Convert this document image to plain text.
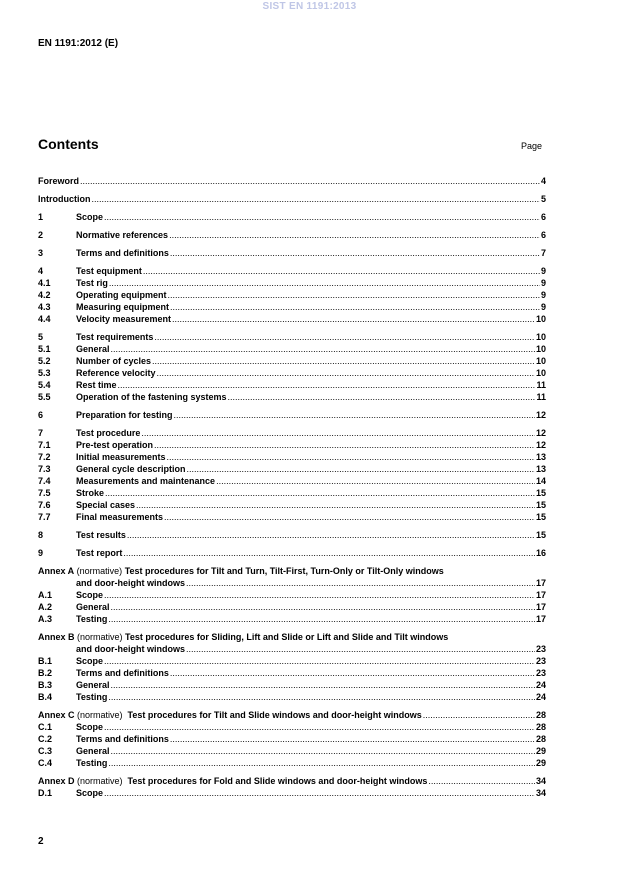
SIST EN 1191:2013
EN 1191:2012 (E)
Contents	Page
Foreword .....	4
Introduction .....	5
1	Scope .....	6
2	Normative references .....	6
3	Terms and definitions .....	7
4	Test equipment .....	9
4.1	Test rig .....	9
4.2	Operating equipment .....	9
4.3	Measuring equipment .....	9
4.4	Velocity measurement .....	10
5	Test requirements .....	10
5.1	General .....	10
5.2	Number of cycles .....	10
5.3	Reference velocity .....	10
5.4	Rest time .....	11
5.5	Operation of the fastening systems .....	11
6	Preparation for testing .....	12
7	Test procedure .....	12
7.1	Pre-test operation .....	12
7.2	Initial measurements .....	13
7.3	General cycle description .....	13
7.4	Measurements and maintenance .....	14
7.5	Stroke .....	15
7.6	Special cases .....	15
7.7	Final measurements .....	15
8	Test results .....	15
9	Test report .....	16
Annex A (normative) Test procedures for Tilt and Turn, Tilt-First, Turn-Only or Tilt-Only windows
and door-height windows .....	17
A.1	Scope .....	17
A.2	General .....	17
A.3	Testing .....	17
Annex B (normative) Test procedures for Sliding, Lift and Slide or Lift and Slide and Tilt windows
and door-height windows .....	23
B.1	Scope .....	23
B.2	Terms and definitions .....	23
B.3	General .....	24
B.4	Testing .....	24
Annex C (normative) Test procedures for Tilt and Slide windows and door-height windows .....	28
C.1	Scope .....	28
C.2	Terms and definitions .....	28
C.3	General .....	29
C.4	Testing .....	29
Annex D (normative) Test procedures for Fold and Slide windows and door-height windows .....	34
D.1	Scope .....	34
2
